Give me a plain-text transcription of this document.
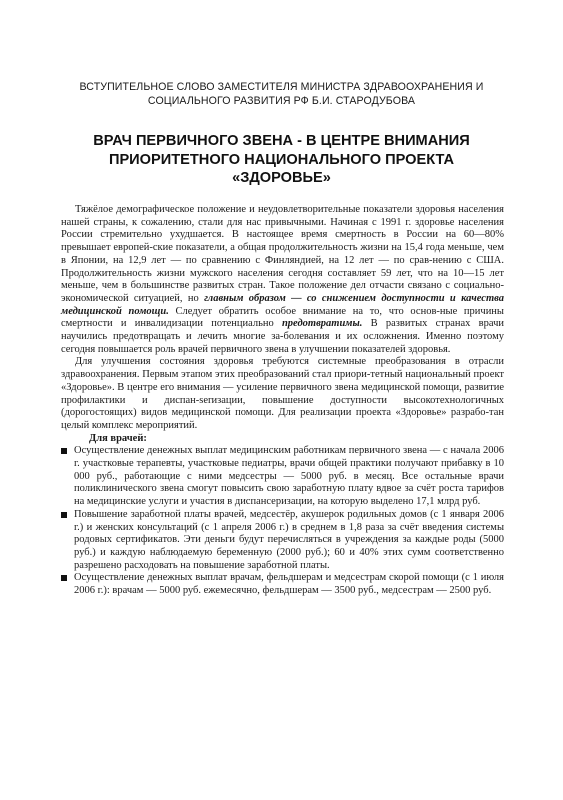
ВСТУПИТЕЛЬНОЕ СЛОВО ЗАМЕСТИТЕЛЯ МИНИСТРА ЗДРАВООХРАНЕНИЯ И
СОЦИАЛЬНОГО РАЗВИТИЯ РФ Б.И. СТАРОДУБОВА
ВРАЧ ПЕРВИЧНОГО ЗВЕНА - В ЦЕНТРЕ ВНИМАНИЯ
ПРИОРИТЕТНОГО НАЦИОНАЛЬНОГО ПРОЕКТА
«ЗДОРОВЬЕ»

Тяжёлое демографическое положение и неудовлетворительные показатели здоровья населения нашей страны, к сожалению, стали для нас привычными. Начиная с 1991 г. здоровье населения России стремительно ухудшается. В настоящее время смертность в России на 60—80% превышает европей-ские показатели, а общая продолжительность жизни на 15,4 года меньше, чем в Японии, на 12,9 лет — по сравнению с Финляндией, на 12 лет — по срав-нению с США. Продолжительность жизни мужского населения сегодня составляет 59 лет, что на 10—15 лет меньше, чем в большинстве развитых стран. Такое положение дел отчасти связано с социально-экономической ситуацией, но главным образом — со снижением доступности и качества медицинской помощи. Следует обратить особое внимание на то, что основ-ные причины смертности и инвалидизации потенциально предотвратимы. В развитых странах врачи научились предотвращать и лечить многие за-болевания и их осложнения. Именно поэтому сегодня повышается роль врачей первичного звена в улучшении показателей здоровья.

Для улучшения состояния здоровья требуются системные преобразования в отрасли здравоохранения. Первым этапом этих преобразований стал приори-тетный национальный проект «Здоровье». В центре его внимания — усиление первичного звена медицинской помощи, развитие профилактики и диспан-serизации, повышение доступности высокотехнологичных (дорогостоящих) видов медицинской помощи. Для реализации проекта «Здоровье» разрабо-тан целый комплекс мероприятий.

Для врачей:

Осуществление денежных выплат медицинским работникам первичного звена — с начала 2006 г. участковые терапевты, участковые педиатры, врачи общей практики получают прибавку в 10 000 руб., работающие с ними медсестры — 5000 руб. в месяц. Все остальные врачи поликлинического звена смогут повысить свою заработную плату вдвое за счёт роста тарифов на медицинские услуги и участия в диспансеризации, на которую выделено 17,1 млрд руб.
Повышение заработной платы врачей, медсестёр, акушерок родильных домов (с 1 января 2006 г.) и женских консультаций (с 1 апреля 2006 г.) в среднем в 1,8 раза за счёт введения системы родовых сертификатов. Эти деньги будут перечисляться в учреждения за каждые роды (5000 руб.) и каждую наблюдаемую беременную (2000 руб.); 60 и 40% этих сумм соответственно разрешено расходовать на повышение заработной платы.
Осуществление денежных выплат врачам, фельдшерам и медсестрам скорой помощи (с 1 июля 2006 г.): врачам — 5000 руб. ежемесячно, фельдшерам — 3500 руб., медсестрам — 2500 руб.
